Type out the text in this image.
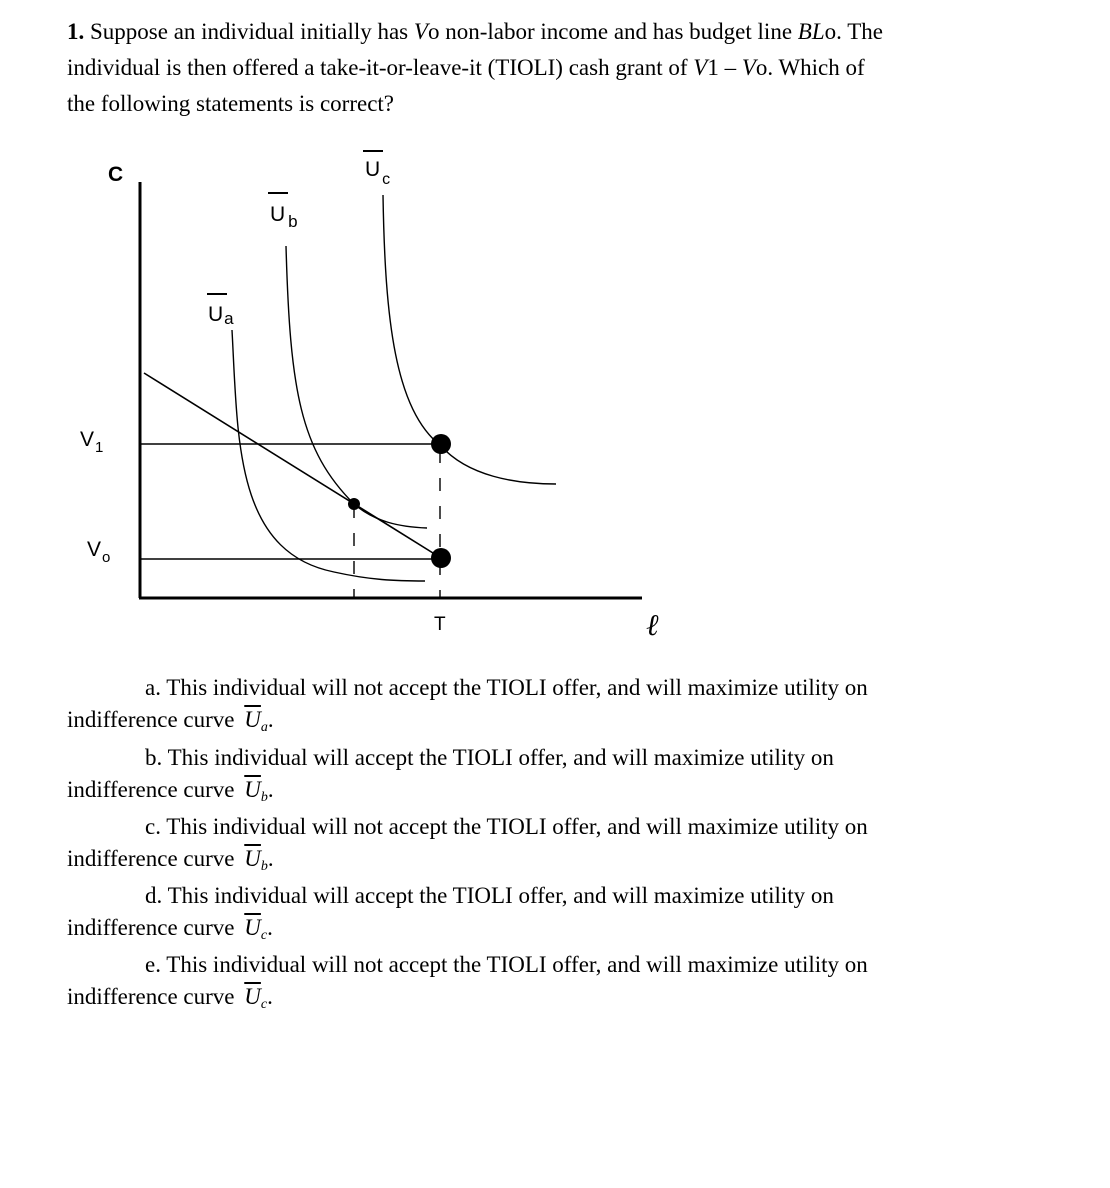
1. Suppose an individual initially has Vo non-labor income and has budget line BLo. The
individual is then offered a take-it-or-leave-it (TIOLI) cash grant of V1 – Vo. Which of
the following statements is correct?

C
ℓ
$V_1$
$V_o$
T
Ua
U $_b$
U $_c$

a. This individual will not accept the TIOLI offer, and will maximize utility on
indifference curve $\overline{U}_a$.

b. This individual will accept the TIOLI offer, and will maximize utility on
indifference curve $\overline{U}_b$.

c. This individual will not accept the TIOLI offer, and will maximize utility on
indifference curve $\overline{U}_b$.

d. This individual will accept the TIOLI offer, and will maximize utility on
indifference curve $\overline{U}_c$.

e. This individual will not accept the TIOLI offer, and will maximize utility on
indifference curve $\overline{U}_c$.
